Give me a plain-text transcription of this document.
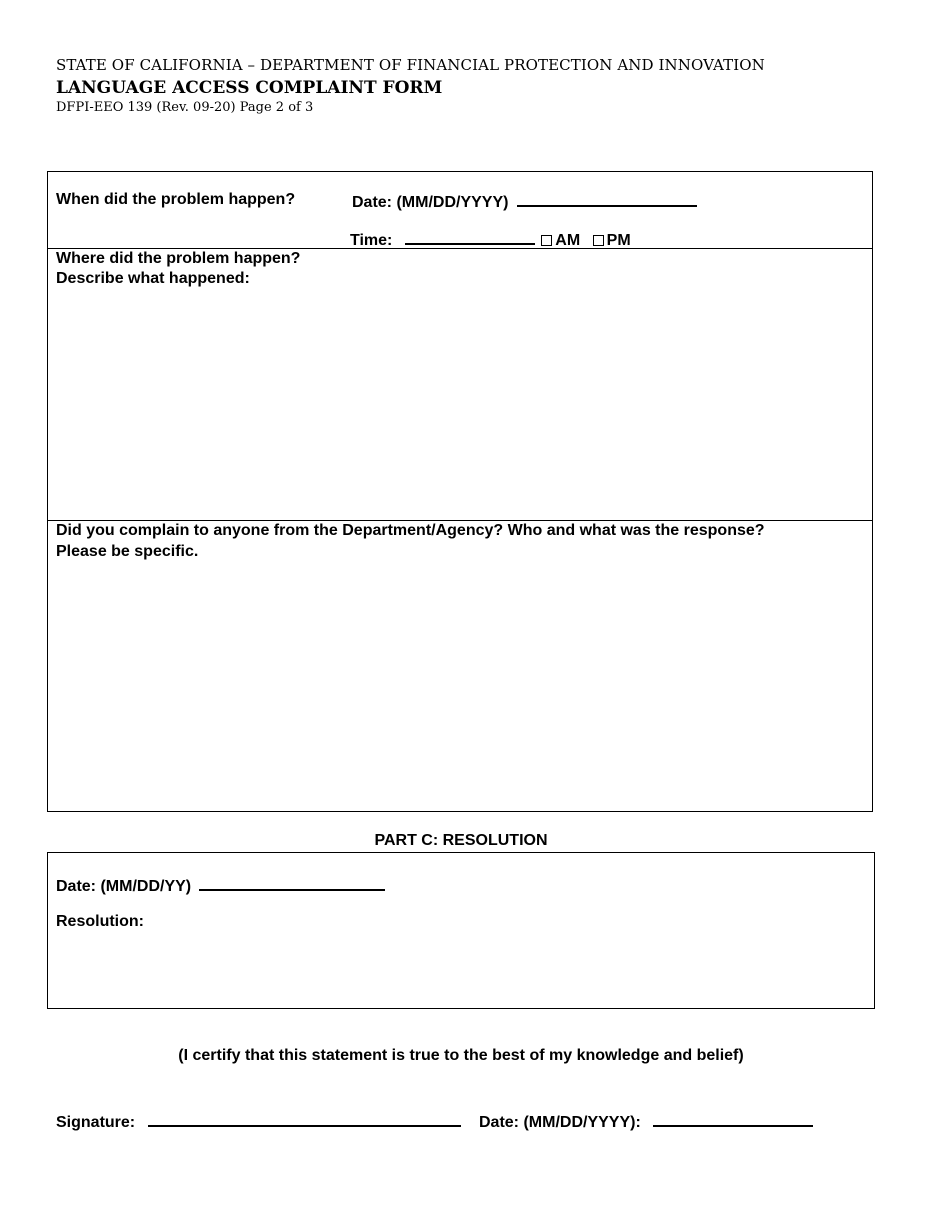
STATE OF CALIFORNIA – DEPARTMENT OF FINANCIAL PROTECTION AND INNOVATION
LANGUAGE ACCESS COMPLAINT FORM
DFPI-EEO 139 (Rev. 09-20) Page 2 of 3
When did the problem happen?	Date: (MM/DD/YYYY)
Time:	AM PM
Where did the problem happen?
Describe what happened:
Did you complain to anyone from the Department/Agency? Who and what was the response?
Please be specific.
PART C: RESOLUTION
Date: (MM/DD/YY)
Resolution:
(I certify that this statement is true to the best of my knowledge and belief)
Signature:	Date: (MM/DD/YYYY):
